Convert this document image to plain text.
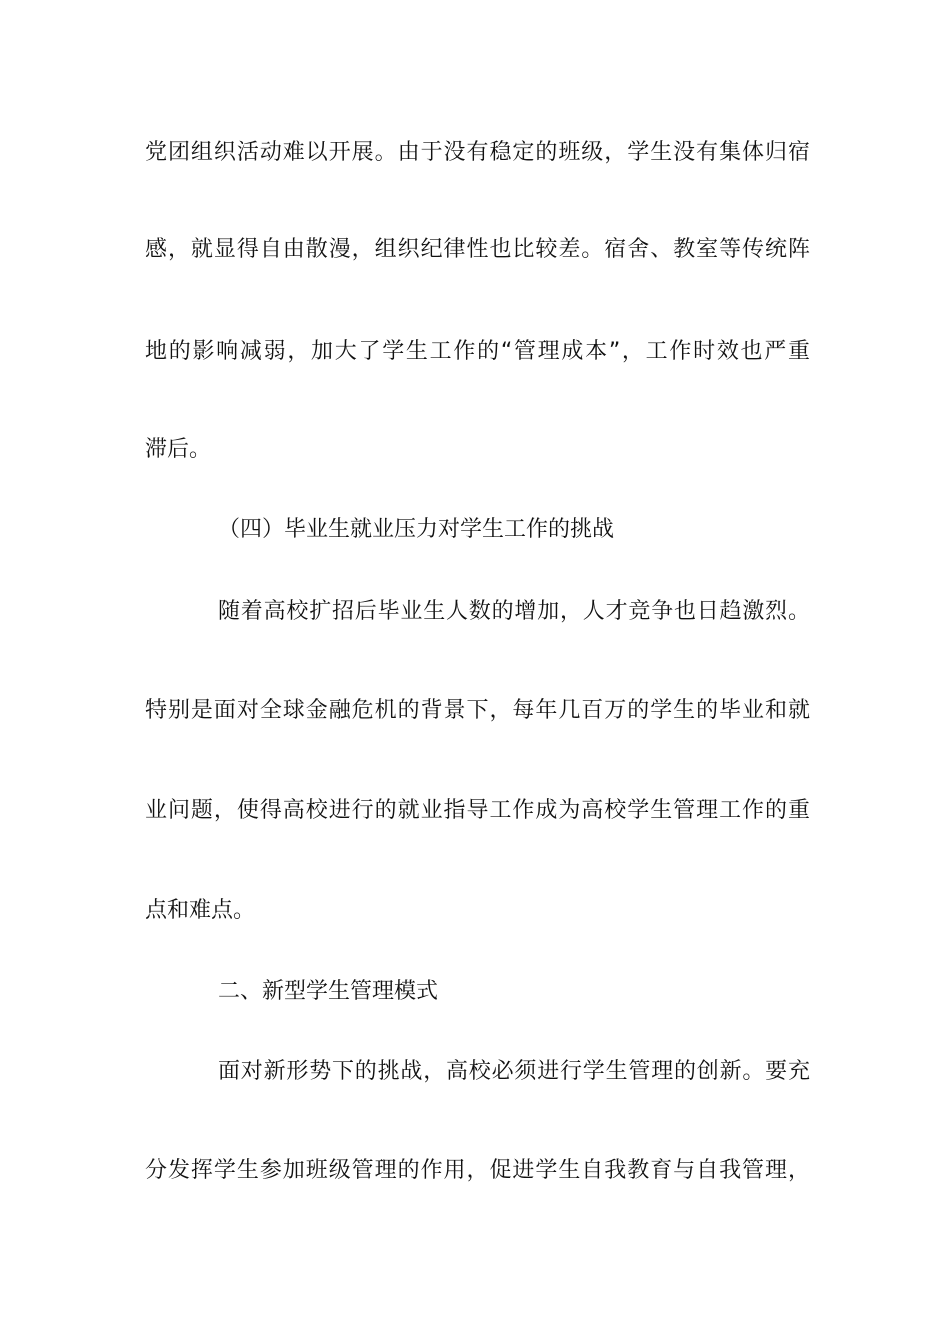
党团组织活动难以开展。由于没有稳定的班级，学生没有集体归宿
感，就显得自由散漫，组织纪律性也比较差。宿舍、教室等传统阵
地的影响减弱，加大了学生工作的“管理成本”，工作时效也严重
滞后。
（四）毕业生就业压力对学生工作的挑战
随着高校扩招后毕业生人数的增加，人才竞争也日趋激烈。
特别是面对全球金融危机的背景下，每年几百万的学生的毕业和就
业问题，使得高校进行的就业指导工作成为高校学生管理工作的重
点和难点。
二、新型学生管理模式
面对新形势下的挑战，高校必须进行学生管理的创新。要充
分发挥学生参加班级管理的作用，促进学生自我教育与自我管理，
